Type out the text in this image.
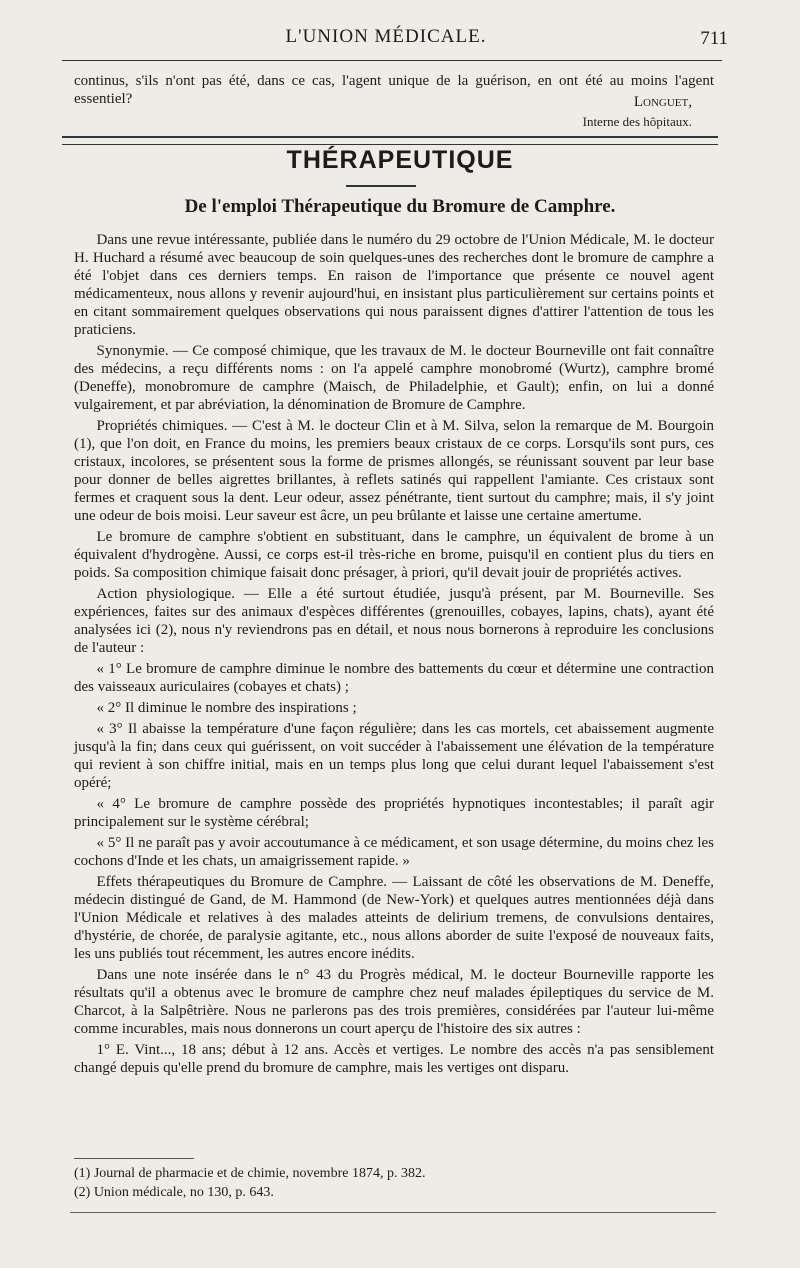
L'UNION MÉDICALE.	711

continus, s'ils n'ont pas été, dans ce cas, l'agent unique de la guérison, en ont été au moins l'agent essentiel?	Longuet,
Interne des hôpitaux.
THÉRAPEUTIQUE
De l'emploi Thérapeutique du Bromure de Camphre.

Dans une revue intéressante, publiée dans le numéro du 29 octobre de l'Union Médicale, M. le docteur H. Huchard a résumé avec beaucoup de soin quelques-unes des recherches dont le bromure de camphre a été l'objet dans ces derniers temps. En raison de l'importance que présente ce nouvel agent médicamenteux, nous allons y revenir aujourd'hui, en insistant plus particulièrement sur certains points et en citant sommairement quelques observations qui nous paraissent dignes d'attirer l'attention de tous les praticiens.

Synonymie. — Ce composé chimique, que les travaux de M. le docteur Bourneville ont fait connaître des médecins, a reçu différents noms : on l'a appelé camphre monobromé (Wurtz), camphre bromé (Deneffe), monobromure de camphre (Maisch, de Philadelphie, et Gault); enfin, on lui a donné vulgairement, et par abréviation, la dénomination de Bromure de Camphre.

Propriétés chimiques. — C'est à M. le docteur Clin et à M. Silva, selon la remarque de M. Bourgoin (1), que l'on doit, en France du moins, les premiers beaux cristaux de ce corps. Lorsqu'ils sont purs, ces cristaux, incolores, se présentent sous la forme de prismes allongés, se réunissant souvent par leur base pour donner de belles aigrettes brillantes, à reflets satinés qui rappellent l'amiante. Ces cristaux sont fermes et craquent sous la dent. Leur odeur, assez pénétrante, tient surtout du camphre; mais, il s'y joint une odeur de bois moisi. Leur saveur est âcre, un peu brûlante et laisse une certaine amertume.

Le bromure de camphre s'obtient en substituant, dans le camphre, un équivalent de brome à un équivalent d'hydrogène. Aussi, ce corps est-il très-riche en brome, puisqu'il en contient plus du tiers en poids. Sa composition chimique faisait donc présager, à priori, qu'il devait jouir de propriétés actives.

Action physiologique. — Elle a été surtout étudiée, jusqu'à présent, par M. Bourneville. Ses expériences, faites sur des animaux d'espèces différentes (grenouilles, cobayes, lapins, chats), ayant été analysées ici (2), nous n'y reviendrons pas en détail, et nous nous bornerons à reproduire les conclusions de l'auteur :

« 1° Le bromure de camphre diminue le nombre des battements du cœur et détermine une contraction des vaisseaux auriculaires (cobayes et chats) ;

« 2° Il diminue le nombre des inspirations ;

« 3° Il abaisse la température d'une façon régulière; dans les cas mortels, cet abaissement augmente jusqu'à la fin; dans ceux qui guérissent, on voit succéder à l'abaissement une élévation de la température qui revient à son chiffre initial, mais en un temps plus long que celui durant lequel l'abaissement s'est opéré;

« 4° Le bromure de camphre possède des propriétés hypnotiques incontestables; il paraît agir principalement sur le système cérébral;

« 5° Il ne paraît pas y avoir accoutumance à ce médicament, et son usage détermine, du moins chez les cochons d'Inde et les chats, un amaigrissement rapide. »

Effets thérapeutiques du Bromure de Camphre. — Laissant de côté les observations de M. Deneffe, médecin distingué de Gand, de M. Hammond (de New-York) et quelques autres mentionnées déjà dans l'Union Médicale et relatives à des malades atteints de delirium tremens, de convulsions dentaires, d'hystérie, de chorée, de paralysie agitante, etc., nous allons aborder de suite l'exposé de nouveaux faits, les uns publiés tout récemment, les autres encore inédits.

Dans une note insérée dans le n° 43 du Progrès médical, M. le docteur Bourneville rapporte les résultats qu'il a obtenus avec le bromure de camphre chez neuf malades épileptiques du service de M. Charcot, à la Salpêtrière. Nous ne parlerons pas des trois premières, considérées par l'auteur lui-même comme incurables, mais nous donnerons un court aperçu de l'histoire des six autres :

1° E. Vint..., 18 ans; début à 12 ans. Accès et vertiges. Le nombre des accès n'a pas sensiblement changé depuis qu'elle prend du bromure de camphre, mais les vertiges ont disparu.

(1) Journal de pharmacie et de chimie, novembre 1874, p. 382.

(2) Union médicale, no 130, p. 643.
